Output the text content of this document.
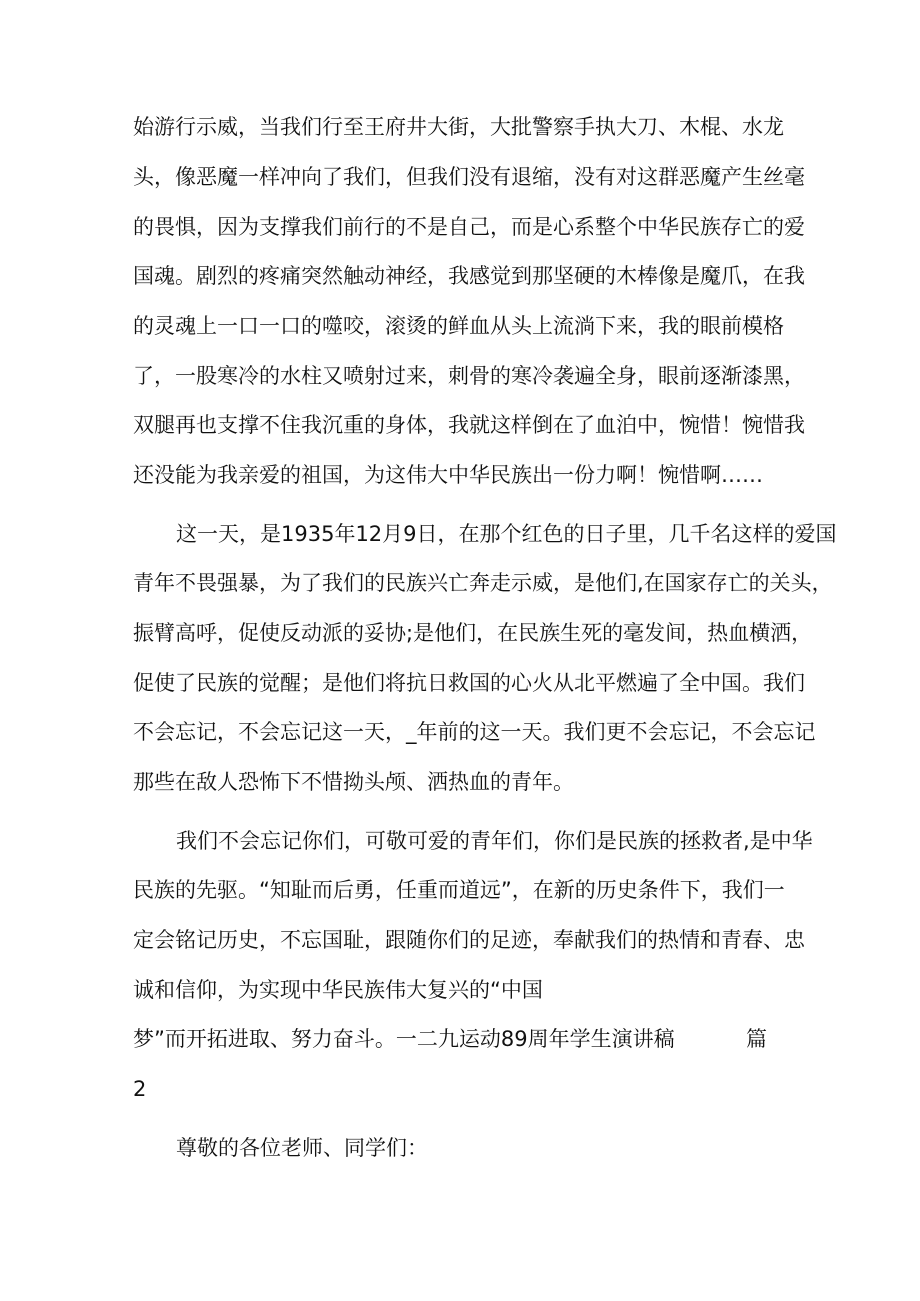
始游行示威，当我们行至王府井大街，大批警察手执大刀、木棍、水龙
头，像恶魔一样冲向了我们，但我们没有退缩，没有对这群恶魔产生丝毫
的畏惧，因为支撑我们前行的不是自己，而是心系整个中华民族存亡的爱
国魂。剧烈的疼痛突然触动神经，我感觉到那坚硬的木棒像是魔爪，在我
的灵魂上一口一口的噬咬，滚烫的鲜血从头上流淌下来，我的眼前模格
了，一股寒冷的水柱又喷射过来，刺骨的寒冷袭遍全身，眼前逐渐漆黑，
双腿再也支撑不住我沉重的身体，我就这样倒在了血泊中，惋惜！惋惜我
还没能为我亲爱的祖国，为这伟大中华民族出一份力啊！惋惜啊……
这一天，是1935年12月9日，在那个红色的日子里，几千名这样的爱国
青年不畏强暴，为了我们的民族兴亡奔走示威，是他们,在国家存亡的关头，
振臂高呼，促使反动派的妥协;是他们，在民族生死的毫发间，热血横洒，
促使了民族的觉醒；是他们将抗日救国的心火从北平燃遍了全中国。我们
不会忘记，不会忘记这一天，_年前的这一天。我们更不会忘记，不会忘记
那些在敌人恐怖下不惜拗头颅、洒热血的青年。
我们不会忘记你们，可敬可爱的青年们，你们是民族的拯救者,是中华
民族的先驱。“知耻而后勇，任重而道远”，在新的历史条件下，我们一
定会铭记历史，不忘国耻，跟随你们的足迹，奉献我们的热情和青春、忠
诚和信仰，为实现中华民族伟大复兴的“中国
梦”而开拓进取、努力奋斗。一二九运动89周年学生演讲稿	篇
2
尊敬的各位老师、同学们：
